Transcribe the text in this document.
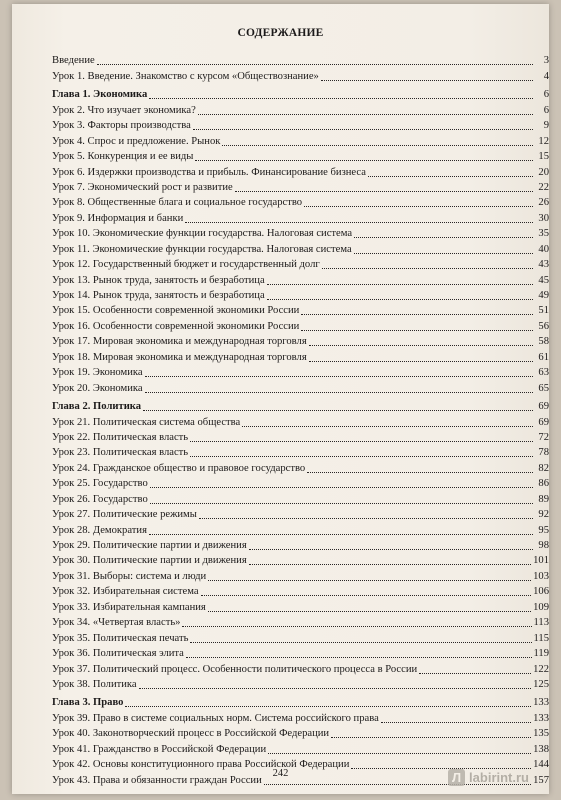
СОДЕРЖАНИЕ
Введение	3
Урок 1. Введение. Знакомство с курсом «Обществознание»	4
Глава 1. Экономика	6
Урок 2. Что изучает экономика?	6
Урок 3. Факторы производства	9
Урок 4. Спрос и предложение. Рынок	12
Урок 5. Конкуренция и ее виды	15
Урок 6. Издержки производства и прибыль. Финансирование бизнеса	20
Урок 7. Экономический рост и развитие	22
Урок 8. Общественные блага и социальное государство	26
Урок 9. Информация и банки	30
Урок 10. Экономические функции государства. Налоговая система	35
Урок 11. Экономические функции государства. Налоговая система	40
Урок 12. Государственный бюджет и государственный долг	43
Урок 13. Рынок труда, занятость и безработица	45
Урок 14. Рынок труда, занятость и безработица	49
Урок 15. Особенности современной экономики России	51
Урок 16. Особенности современной экономики России	56
Урок 17. Мировая экономика и международная торговля	58
Урок 18. Мировая экономика и международная торговля	61
Урок 19. Экономика	63
Урок 20. Экономика	65
Глава 2. Политика	69
Урок 21. Политическая система общества	69
Урок 22. Политическая власть	72
Урок 23. Политическая власть	78
Урок 24. Гражданское общество и правовое государство	82
Урок 25. Государство	86
Урок 26. Государство	89
Урок 27. Политические режимы	92
Урок 28. Демократия	95
Урок 29. Политические партии и движения	98
Урок 30. Политические партии и движения	101
Урок 31. Выборы: система и люди	103
Урок 32. Избирательная система	106
Урок 33. Избирательная кампания	109
Урок 34. «Четвертая власть»	113
Урок 35. Политическая печать	115
Урок 36. Политическая элита	119
Урок 37. Политический процесс. Особенности политического процесса в России	122
Урок 38. Политика	125
Глава 3. Право	133
Урок 39. Право в системе социальных норм. Система российского права	133
Урок 40. Законотворческий процесс в Российской Федерации	135
Урок 41. Гражданство в Российской Федерации	138
Урок 42. Основы конституционного права Российской Федерации	144
Урок 43. Права и обязанности граждан России	157
242	Л labirint.ru
